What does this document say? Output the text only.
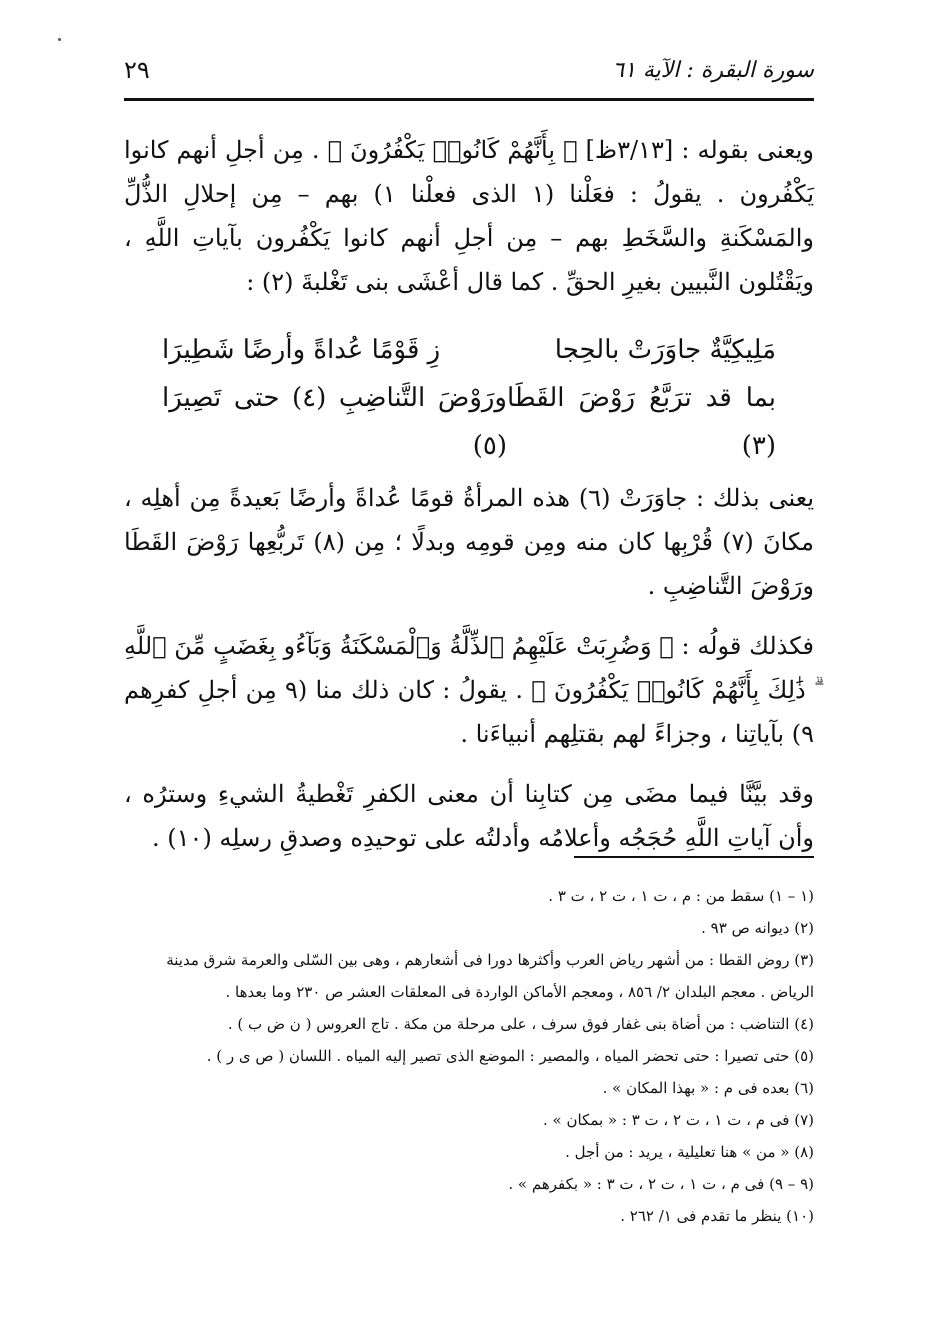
سورة البقرة : الآية ٦١
٢٩

ويعنى بقوله : [٣/١٣ظ] ﴿ بِأَنَّهُمْ كَانُوا۟ يَكْفُرُونَ ﴾ . مِن أجلِ أنهم كانوا يَكْفُرون . يقولُ : فعَلْنا (١ الذى فعلْنا ١) بهم – مِن إحلالِ الذُّلِّ والمَسْكَنةِ والسَّخَطِ بهم – مِن أجلِ أنهم كانوا يَكْفُرون بآياتِ اللَّهِ ، ويَقْتُلون النَّبيين بغيرِ الحقِّ . كما قال أعْشَى بنى تَغْلبةَ (٢) :

مَلِيكِيَّةٌ جاوَرَتْ بالحِجا
زِ قَوْمًا عُداةً وأرضًا شَطِيرَا
بما قد ترَبَّعُ رَوْضَ القَطَا (٣)
ورَوْضَ التَّناضِبِ (٤) حتى تَصِيرَا (٥)

يعنى بذلك : جاوَرَتْ (٦) هذه المرأةُ قومًا عُداةً وأرضًا بَعيدةً مِن أهلِه ، مكانَ (٧) قُرْبِها كان منه ومِن قومِه وبدلًا ؛ مِن (٨) تَربُّعِها رَوْضَ القَطَا ورَوْضَ التَّناضِبِ .

فكذلك قولُه : ﴿ وَضُرِبَتْ عَلَيْهِمُ ٱلذِّلَّةُ وَٱلْمَسْكَنَةُ وَبَآءُو بِغَضَبٍ مِّنَ ٱللَّهِ ۗ ذَٰلِكَ بِأَنَّهُمْ كَانُوا۟ يَكْفُرُونَ ﴾ . يقولُ : كان ذلك منا (٩ مِن أجلِ كفرِهم ٩) بآياتِنا ، وجزاءً لهم بقتلِهم أنبياءَنا .

وقد بيَّنَّا فيما مضَى مِن كتابِنا أن معنى الكفرِ تَغْطيةُ الشيءِ وسترُه ، وأن آياتِ اللَّهِ حُجَجُه وأعلامُه وأدلتُه على توحيدِه وصدقِ رسلِه (١٠) .

(١ – ١) سقط من : م ، ت ١ ، ت ٢ ، ت ٣ .

(٢) ديوانه ص ٩٣ .

(٣) روض القطا : من أشهر رياض العرب وأكثرها دورا فى أشعارهم ، وهى بين السّلى والعرمة شرق مدينة الرياض . معجم البلدان ٢/ ٨٥٦ ، ومعجم الأماكن الواردة فى المعلقات العشر ص ٢٣٠ وما بعدها .

(٤) التناضب : من أضاة بنى غفار فوق سرف ، على مرحلة من مكة . تاج العروس ( ن ض ب ) .

(٥) حتى تصيرا : حتى تحضر المياه ، والمصير : الموضع الذى تصير إليه المياه . اللسان ( ص ى ر ) .

(٦) بعده فى م : « بهذا المكان » .

(٧) فى م ، ت ١ ، ت ٢ ، ت ٣ : « بمكان » .

(٨) « من » هنا تعليلية ، يريد : من أجل .

(٩ – ٩) فى م ، ت ١ ، ت ٢ ، ت ٣ : « بكفرهم » .

(١٠) ينظر ما تقدم فى ١/ ٢٦٢ .
